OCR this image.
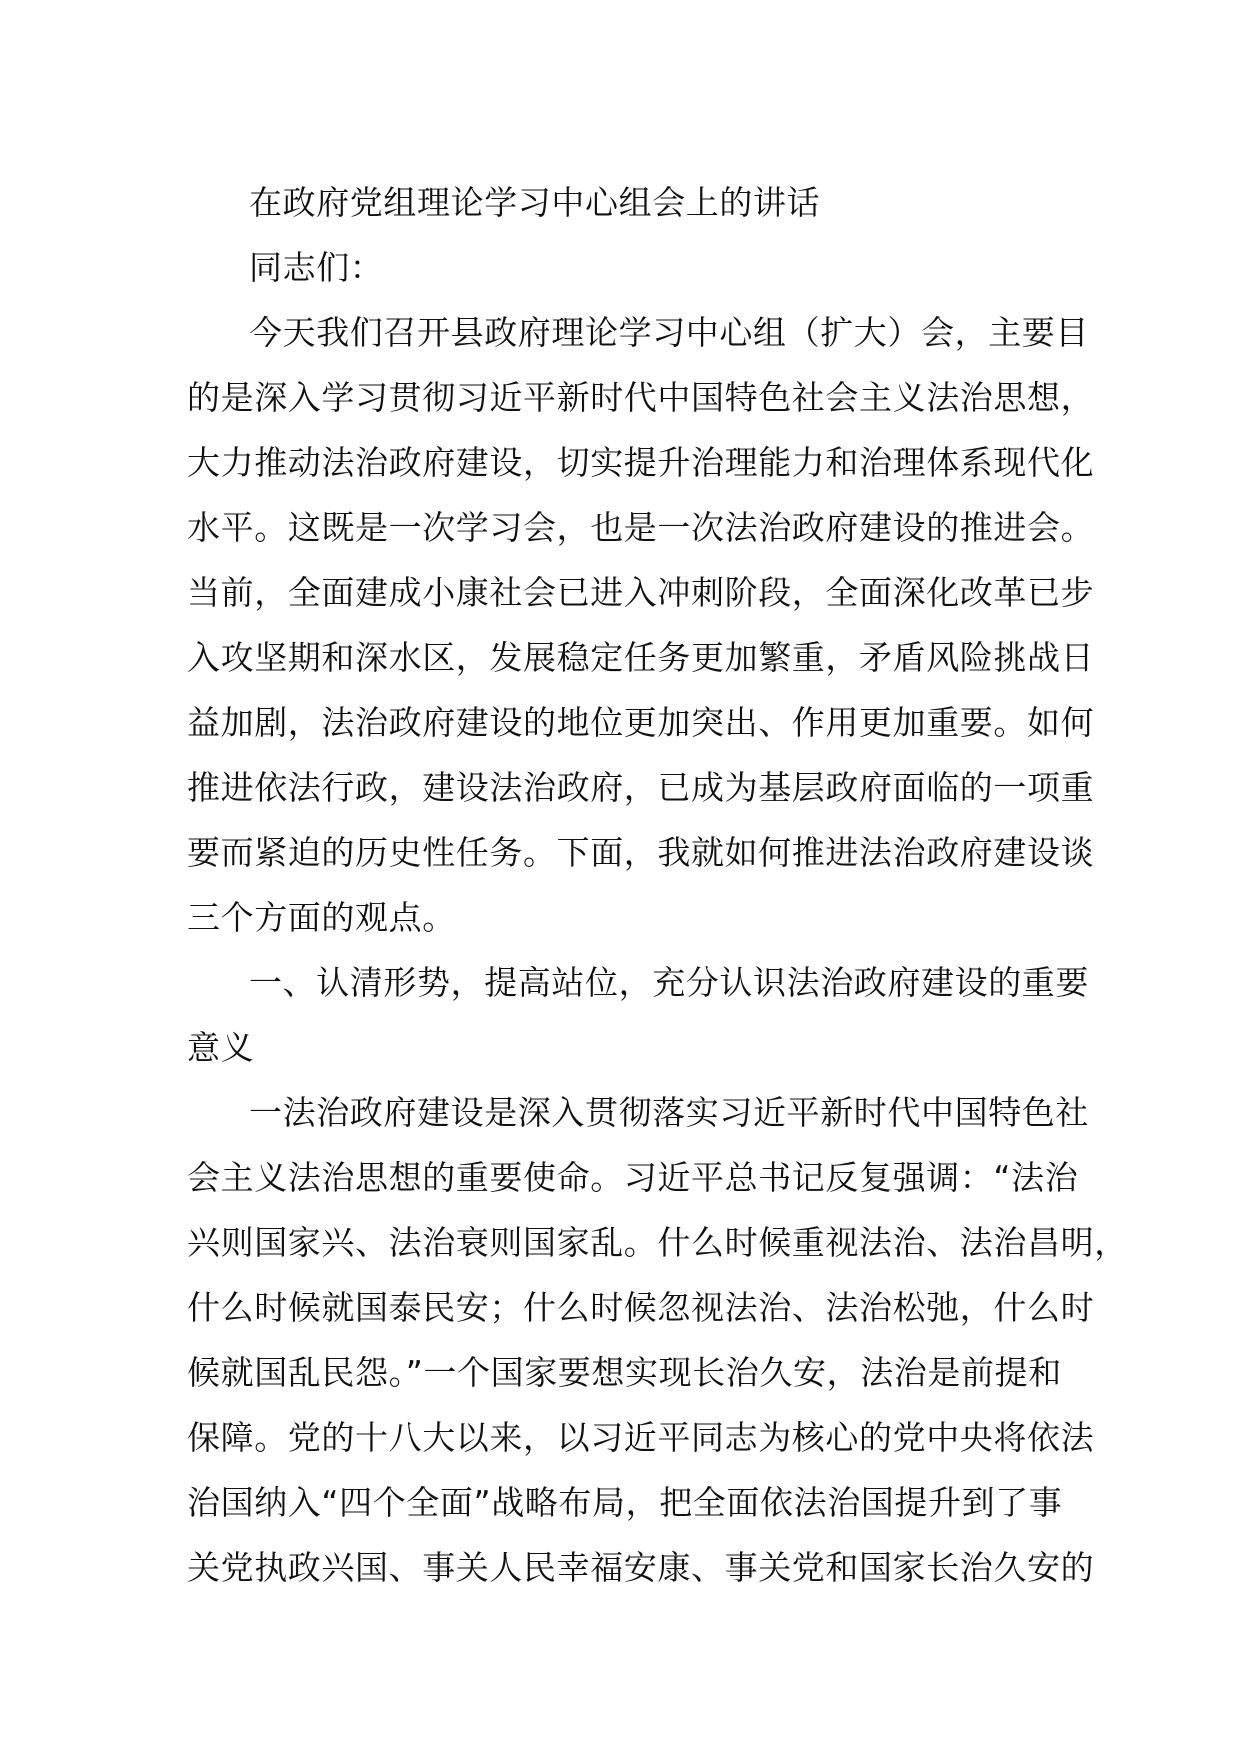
在政府党组理论学习中心组会上的讲话
同志们：
今天我们召开县政府理论学习中心组（扩大）会，主要目
的是深入学习贯彻习近平新时代中国特色社会主义法治思想，
大力推动法治政府建设，切实提升治理能力和治理体系现代化
水平。这既是一次学习会，也是一次法治政府建设的推进会。
当前，全面建成小康社会已进入冲刺阶段，全面深化改革已步
入攻坚期和深水区，发展稳定任务更加繁重，矛盾风险挑战日
益加剧，法治政府建设的地位更加突出、作用更加重要。如何
推进依法行政，建设法治政府，已成为基层政府面临的一项重
要而紧迫的历史性任务。下面，我就如何推进法治政府建设谈
三个方面的观点。
一、认清形势，提高站位，充分认识法治政府建设的重要
意义
一法治政府建设是深入贯彻落实习近平新时代中国特色社
会主义法治思想的重要使命。习近平总书记反复强调：“法治
兴则国家兴、法治衰则国家乱。什么时候重视法治、法治昌明，
什么时候就国泰民安；什么时候忽视法治、法治松弛，什么时
候就国乱民怨。”一个国家要想实现长治久安，法治是前提和
保障。党的十八大以来，以习近平同志为核心的党中央将依法
治国纳入“四个全面”战略布局，把全面依法治国提升到了事
关党执政兴国、事关人民幸福安康、事关党和国家长治久安的
